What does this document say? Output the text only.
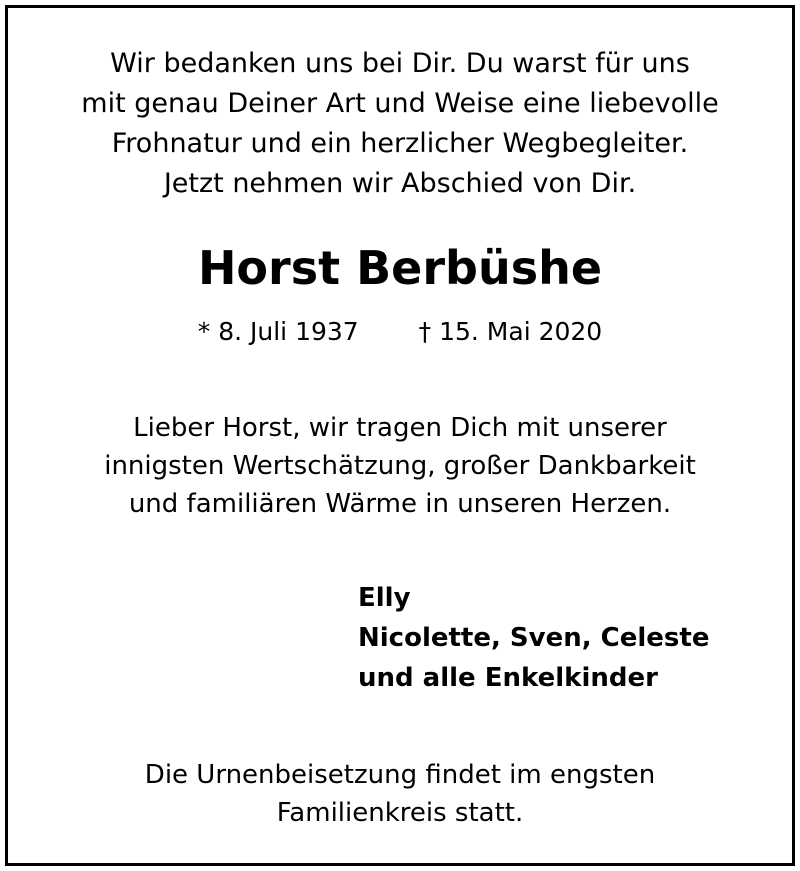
Wir bedanken uns bei Dir. Du warst für uns
mit genau Deiner Art und Weise eine liebevolle
Frohnatur und ein herzlicher Wegbegleiter.
Jetzt nehmen wir Abschied von Dir.
Horst Berbüshe
* 8. Juli 1937 † 15. Mai 2020
Lieber Horst, wir tragen Dich mit unserer
innigsten Wertschätzung, großer Dankbarkeit
und familiären Wärme in unseren Herzen.
Elly
Nicolette, Sven, Celeste
und alle Enkelkinder
Die Urnenbeisetzung findet im engsten
Familienkreis statt.
